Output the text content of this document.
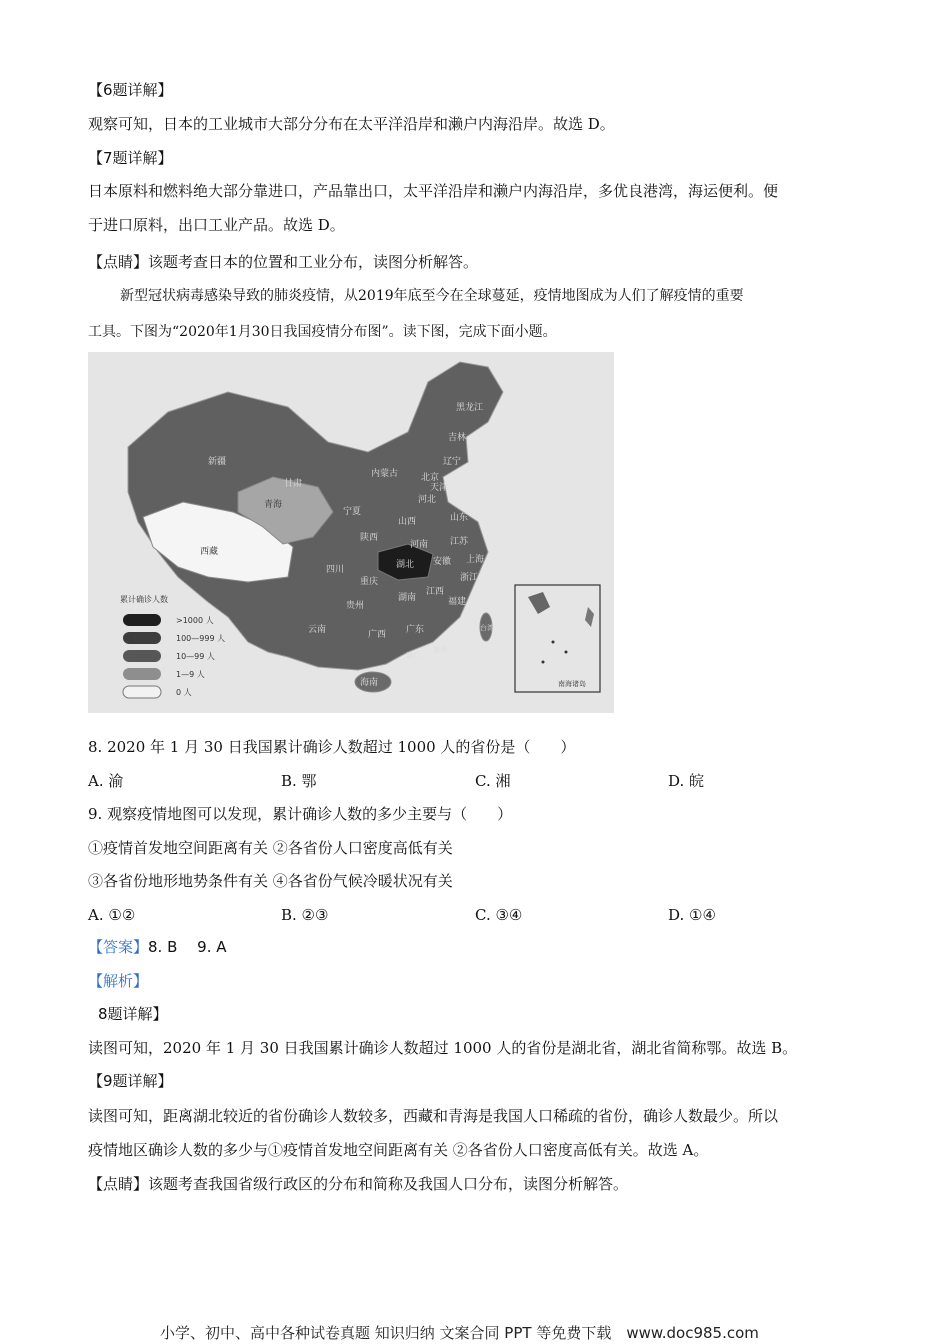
【6题详解】
观察可知，日本的工业城市大部分分布在太平洋沿岸和濑户内海沿岸。故选 D。
【7题详解】
日本原料和燃料绝大部分靠进口，产品靠出口，太平洋沿岸和濑户内海沿岸，多优良港湾，海运便利。便
于进口原料，出口工业产品。故选 D。
【点睛】该题考查日本的位置和工业分布，读图分析解答。
新型冠状病毒感染导致的肺炎疫情，从2019年底至今在全球蔓延，疫情地图成为人们了解疫情的重要
工具。下图为“2020年1月30日我国疫情分布图”。读下图，完成下面小题。
黑龙江
吉林
辽宁
新疆
内蒙古	北京
天津
河北
甘肃
宁夏
山西	山东
青海
陕西
河南 江苏
西藏
四川	湖北 安徽 上海
重庆	浙江
贵州
湖南
江西
福建
云南	广西 广东	台湾
香港
澳门
海南
累计确诊人数
>1000 人
100—999 人
10—99 人
1—9 人
0 人
南海诸岛
8. 2020 年 1 月 30 日我国累计确诊人数超过 1000 人的省份是（　　）
A. 渝	B. 鄂	C. 湘	D. 皖
9. 观察疫情地图可以发现，累计确诊人数的多少主要与（　　）
①疫情首发地空间距离有关 ②各省份人口密度高低有关
③各省份地形地势条件有关 ④各省份气候冷暖状况有关
A. ①②	B. ②③	C. ③④	D. ①④
【答案】8. B　 9. A
【解析】
8题详解】
读图可知，2020 年 1 月 30 日我国累计确诊人数超过 1000 人的省份是湖北省，湖北省简称鄂。故选 B。
【9题详解】
读图可知，距离湖北较近的省份确诊人数较多，西藏和青海是我国人口稀疏的省份，确诊人数最少。所以
疫情地区确诊人数的多少与①疫情首发地空间距离有关 ②各省份人口密度高低有关。故选 A。
【点睛】该题考查我国省级行政区的分布和简称及我国人口分布，读图分析解答。
小学、初中、高中各种试卷真题 知识归纳 文案合同 PPT 等免费下载　www.doc985.com
